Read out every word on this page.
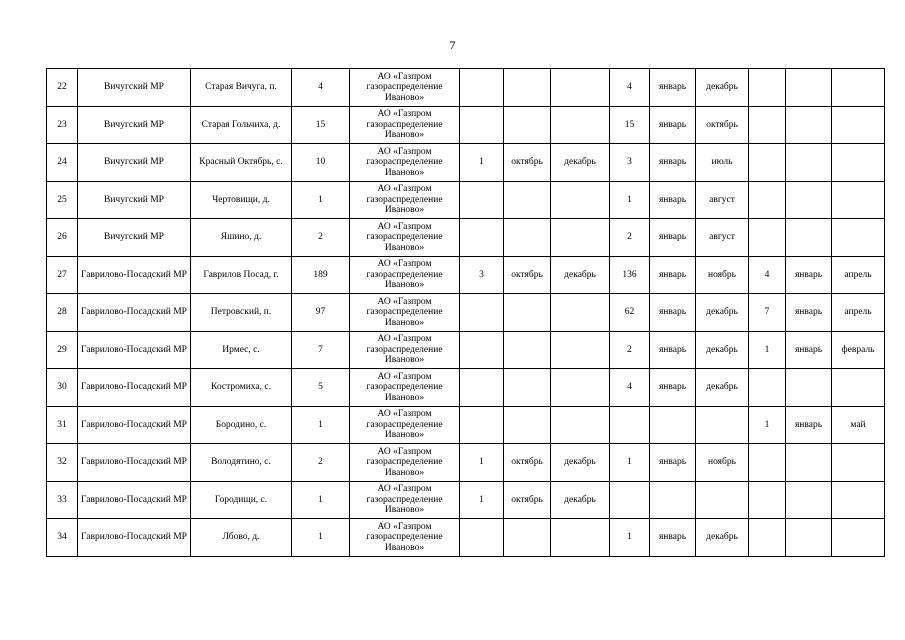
7
22	Вичугский МР	Старая Вичуга, п.	4	АО «Газпром газораспределение Иваново»				4	январь	декабрь			
23	Вичугский МР	Старая Гольчиха, д.	15	АО «Газпром газораспределение Иваново»				15	январь	октябрь			
24	Вичугский МР	Красный Октябрь, с.	10	АО «Газпром газораспределение Иваново»	1	октябрь	декабрь	3	январь	июль			
25	Вичугский МР	Чертовищи, д.	1	АО «Газпром газораспределение Иваново»				1	январь	август			
26	Вичугский МР	Яшино, д.	2	АО «Газпром газораспределение Иваново»				2	январь	август			
27	Гаврилово-Посадский МР	Гаврилов Посад, г.	189	АО «Газпром газораспределение Иваново»	3	октябрь	декабрь	136	январь	ноябрь	4	январь	апрель
28	Гаврилово-Посадский МР	Петровский, п.	97	АО «Газпром газораспределение Иваново»				62	январь	декабрь	7	январь	апрель
29	Гаврилово-Посадский МР	Ирмес, с.	7	АО «Газпром газораспределение Иваново»				2	январь	декабрь	1	январь	февраль
30	Гаврилово-Посадский МР	Костромиха, с.	5	АО «Газпром газораспределение Иваново»				4	январь	декабрь			
31	Гаврилово-Посадский МР	Бородино, с.	1	АО «Газпром газораспределение Иваново»							1	январь	май
32	Гаврилово-Посадский МР	Володятино, с.	2	АО «Газпром газораспределение Иваново»	1	октябрь	декабрь	1	январь	ноябрь			
33	Гаврилово-Посадский МР	Городищи, с.	1	АО «Газпром газораспределение Иваново»	1	октябрь	декабрь						
34	Гаврилово-Посадский МР	Лбово, д.	1	АО «Газпром газораспределение Иваново»				1	январь	декабрь			
